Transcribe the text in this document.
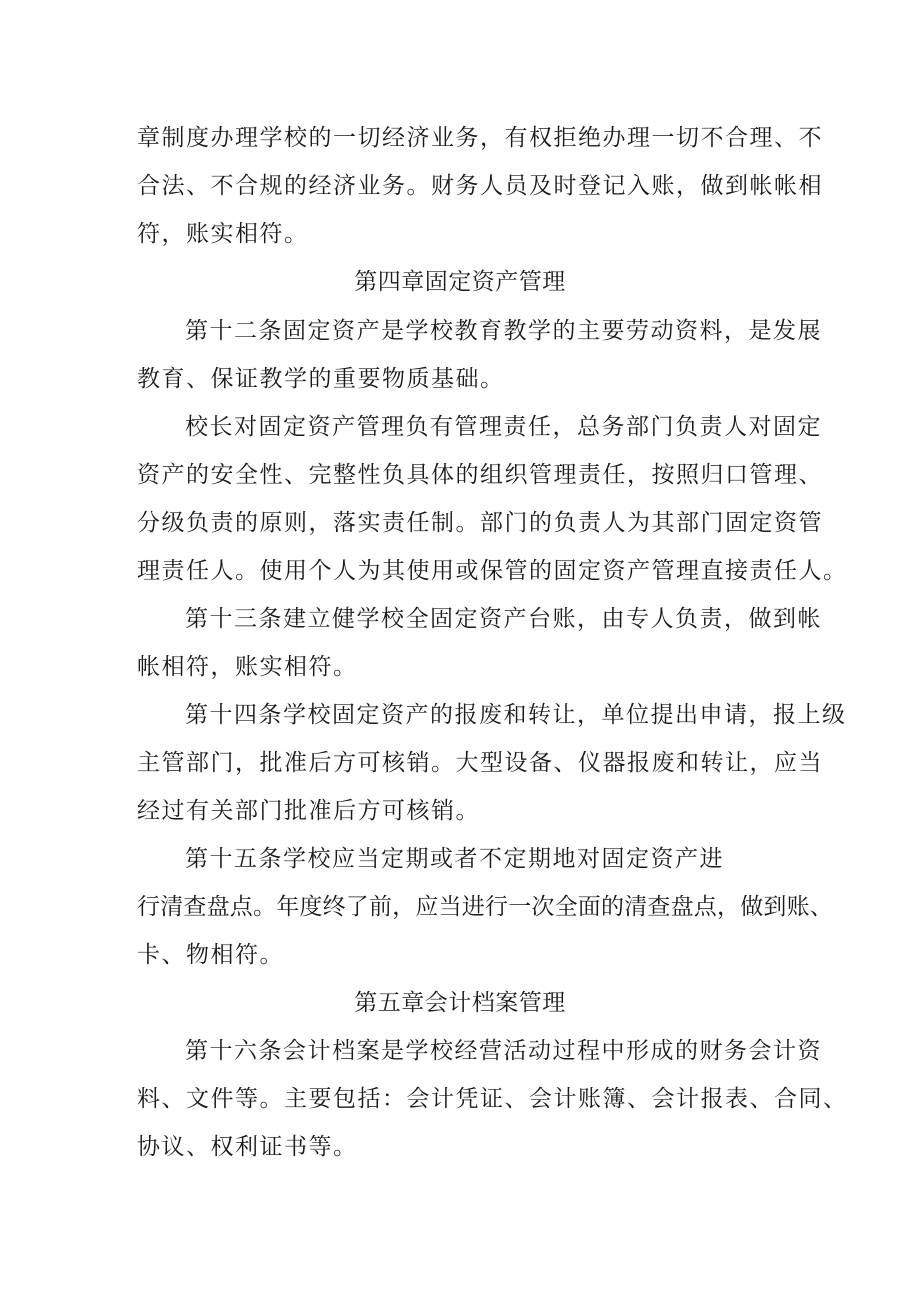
章制度办理学校的一切经济业务，有权拒绝办理一切不合理、不
合法、不合规的经济业务。财务人员及时登记入账，做到帐帐相
符，账实相符。
第四章固定资产管理
第十二条固定资产是学校教育教学的主要劳动资料，是发展
教育、保证教学的重要物质基础。
校长对固定资产管理负有管理责任，总务部门负责人对固定
资产的安全性、完整性负具体的组织管理责任，按照归口管理、
分级负责的原则，落实责任制。部门的负责人为其部门固定资管
理责任人。使用个人为其使用或保管的固定资产管理直接责任人。
第十三条建立健学校全固定资产台账，由专人负责，做到帐
帐相符，账实相符。
第十四条学校固定资产的报废和转让，单位提出申请，报上级
主管部门，批准后方可核销。大型设备、仪器报废和转让，应当
经过有关部门批准后方可核销。
第十五条学校应当定期或者不定期地对固定资产进
行清查盘点。年度终了前，应当进行一次全面的清查盘点，做到账、
卡、物相符。
第五章会计档案管理
第十六条会计档案是学校经营活动过程中形成的财务会计资
料、文件等。主要包括：会计凭证、会计账簿、会计报表、合同、
协议、权利证书等。
